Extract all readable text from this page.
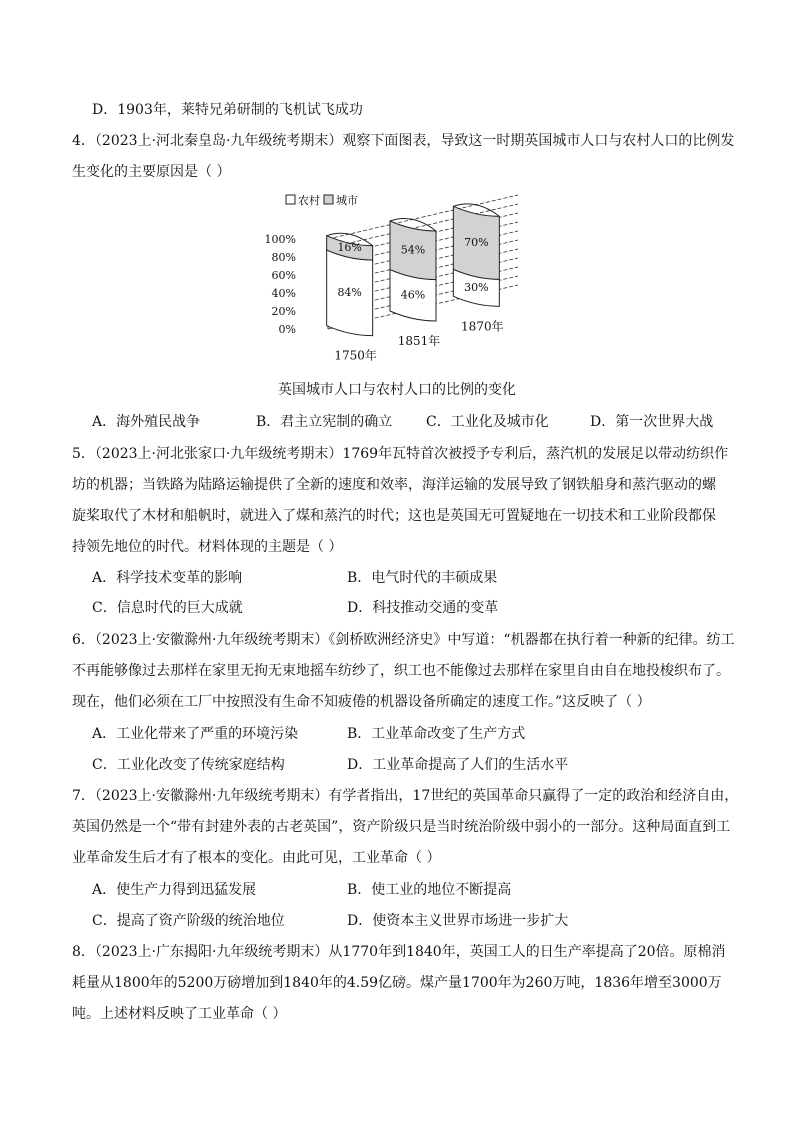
D．1903年，莱特兄弟研制的飞机试飞成功
4．（2023上·河北秦皇岛·九年级统考期末）观察下面图表，导致这一时期英国城市人口与农村人口的比例发
生变化的主要原因是（ ）
农村 城市
0%
20%
40%
60%
80%
100%
84%
16%
46%
54%
30%
70%
1750年
1851年
1870年
英国城市人口与农村人口的比例的变化
A．海外殖民战争	B．君主立宪制的确立 C．工业化及城市化	D．第一次世界大战
5．（2023上·河北张家口·九年级统考期末）1769年瓦特首次被授予专利后，蒸汽机的发展足以带动纺织作
坊的机器；当铁路为陆路运输提供了全新的速度和效率，海洋运输的发展导致了钢铁船身和蒸汽驱动的螺
旋桨取代了木材和船帆时，就进入了煤和蒸汽的时代；这也是英国无可置疑地在一切技术和工业阶段都保
持领先地位的时代。材料体现的主题是（ ）
A．科学技术变革的影响	B．电气时代的丰硕成果
C．信息时代的巨大成就	D．科技推动交通的变革
6．（2023上·安徽滁州·九年级统考期末）《剑桥欧洲经济史》中写道：“机器都在执行着一种新的纪律。纺工
不再能够像过去那样在家里无拘无束地摇车纺纱了，织工也不能像过去那样在家里自由自在地投梭织布了。
现在，他们必须在工厂中按照没有生命不知疲倦的机器设备所确定的速度工作。”这反映了（ ）
A．工业化带来了严重的环境污染	B．工业革命改变了生产方式
C．工业化改变了传统家庭结构	D．工业革命提高了人们的生活水平
7．（2023上·安徽滁州·九年级统考期末）有学者指出，17世纪的英国革命只赢得了一定的政治和经济自由，
英国仍然是一个“带有封建外表的古老英国”，资产阶级只是当时统治阶级中弱小的一部分。这种局面直到工
业革命发生后才有了根本的变化。由此可见，工业革命（ ）
A．使生产力得到迅猛发展	B．使工业的地位不断提高
C．提高了资产阶级的统治地位	D．使资本主义世界市场进一步扩大
8．（2023上·广东揭阳·九年级统考期末）从1770年到1840年，英国工人的日生产率提高了20倍。原棉消
耗量从1800年的5200万磅增加到1840年的4.59亿磅。煤产量1700年为260万吨，1836年增至3000万
吨。上述材料反映了工业革命（ ）
